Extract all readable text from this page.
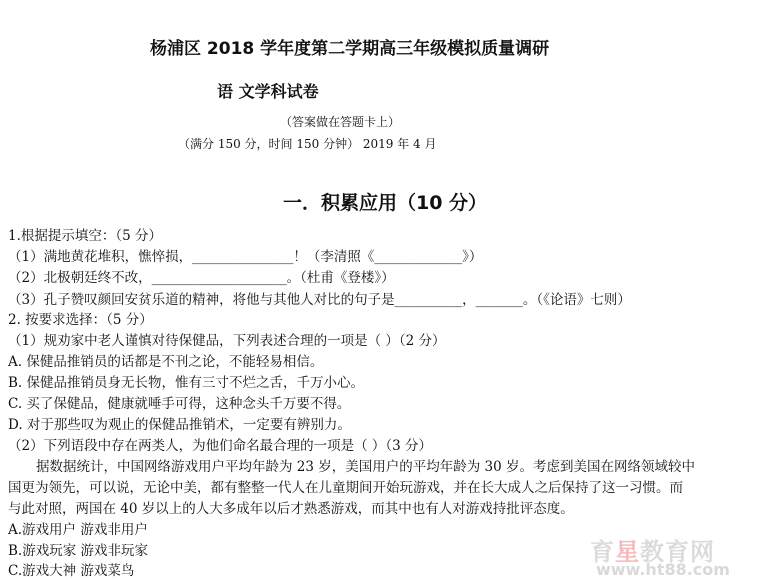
杨浦区 2018 学年度第二学期高三年级模拟质量调研
语 文学科试卷
（答案做在答题卡上）
（满分 150 分，时间 150 分钟） 2019 年 4 月
一．积累应用（10 分）
1.根据提示填空：（5 分）
（1）满地黄花堆积，憔悴损，_______________！（李清照《_____________》）
（2）北极朝廷终不改，____________________。（杜甫《登楼》）
（3）孔子赞叹颜回安贫乐道的精神，将他与其他人对比的句子是__________，_______。（《论语》七则）
2. 按要求选择：（5 分）
（1）规劝家中老人谨慎对待保健品，下列表述合理的一项是（ ）（2 分）
A. 保健品推销员的话都是不刊之论，不能轻易相信。
B. 保健品推销员身无长物，惟有三寸不烂之舌，千万小心。
C. 买了保健品，健康就唾手可得，这种念头千万要不得。
D. 对于那些叹为观止的保健品推销术，一定要有辨别力。
（2）下列语段中存在两类人，为他们命名最合理的一项是（ ）（3 分）
据数据统计，中国网络游戏用户平均年龄为 23 岁，美国用户的平均年龄为 30 岁。考虑到美国在网络领域较中
国更为领先，可以说，无论中美，都有整整一代人在儿童期间开始玩游戏，并在长大成人之后保持了这一习惯。而
与此对照，两国在 40 岁以上的人大多成年以后才熟悉游戏，而其中也有人对游戏持批评态度。
A.游戏用户 游戏非用户
B.游戏玩家 游戏非玩家
C.游戏大神 游戏菜鸟
育星教育网
www.ht88.com
